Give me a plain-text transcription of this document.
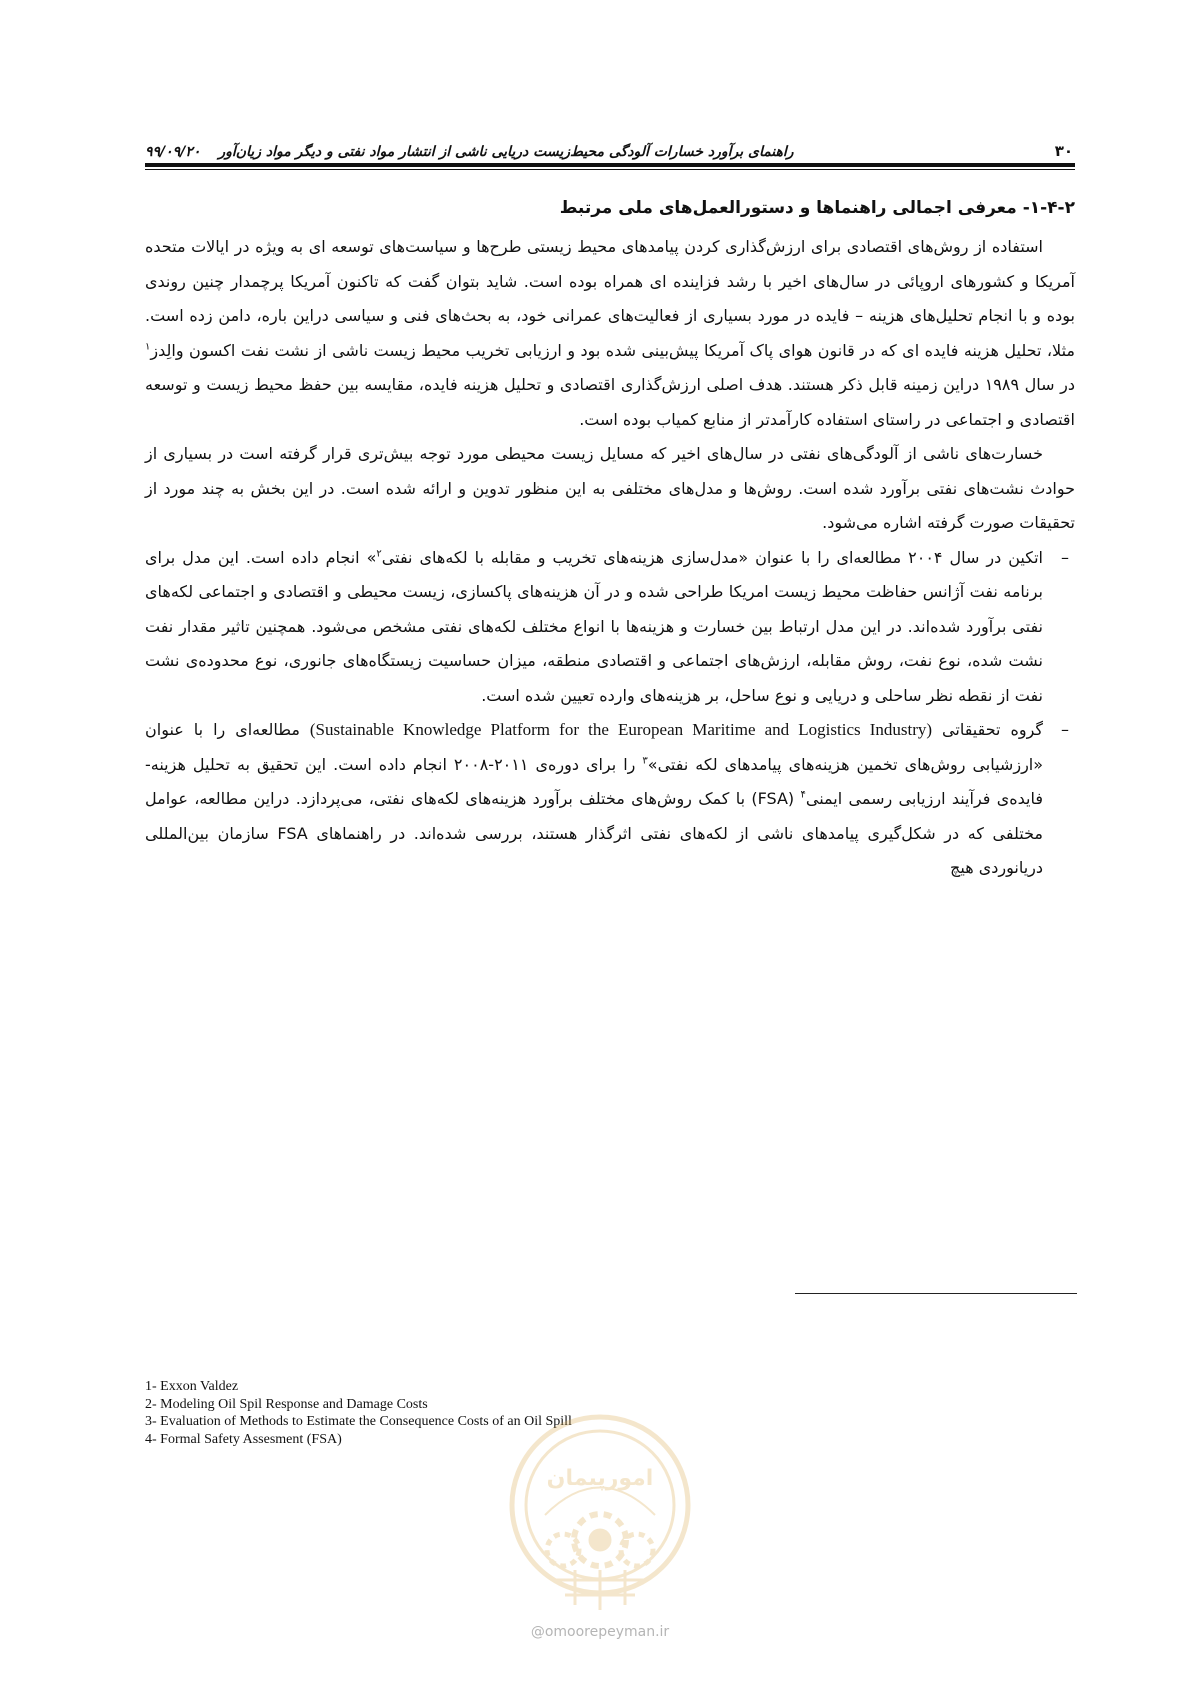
۳۰
راهنمای برآورد خسارات آلودگی محیط‌زیست دریایی ناشی از انتشار مواد نفتی و دیگر مواد زیان‌آور
۹۹/۰۹/۲۰
۱-۴-۲- معرفی اجمالی راهنماها و دستورالعمل‌های ملی مرتبط

استفاده از روش‌های اقتصادی برای ارزش‌گذاری کردن پیامدهای محیط زیستی طرح‌ها و سیاست‌های توسعه ای به ویژه در ایالات متحده آمریکا و کشورهای اروپائی در سال‌های اخیر با رشد فزاینده ای همراه بوده است. شاید بتوان گفت که تاکنون آمریکا پرچمدار چنین روندی بوده و با انجام تحلیل‌های هزینه – فایده در مورد بسیاری از فعالیت‌های عمرانی خود، به بحث‌های فنی و سیاسی دراین باره، دامن زده است. مثلا، تحلیل هزینه فایده ای که در قانون هوای پاک آمریکا پیش‌بینی شده بود و ارزیابی تخریب محیط زیست ناشی از نشت نفت اکسون والِدز$^۱$ در سال ۱۹۸۹ دراین زمینه قابل ذکر هستند. هدف اصلی ارزش‌گذاری اقتصادی و تحلیل هزینه فایده، مقایسه بین حفظ محیط زیست و توسعه اقتصادی و اجتماعی در راستای استفاده کارآمدتر از منابع کمیاب بوده است.

خسارت‌های ناشی از آلودگی‌های نفتی در سال‌های اخیر که مسایل زیست محیطی مورد توجه بیش‌تری قرار گرفته است در بسیاری از حوادث نشت‌های نفتی برآورد شده است. روش‌ها و مدل‌های مختلفی به این منظور تدوین و ارائه شده است. در این بخش به چند مورد از تحقیقات صورت گرفته اشاره می‌شود.

–
اتکین در سال ۲۰۰۴ مطالعه‌ای را با عنوان «مدل‌سازی هزینه‌های تخریب و مقابله با لکه‌های نفتی$^۲$» انجام داده است. این مدل برای برنامه نفت آژانس حفاظت محیط زیست امریکا طراحی شده و در آن هزینه‌های پاکسازی، زیست محیطی و اقتصادی و اجتماعی لکه‌های نفتی برآورد شده‌اند. در این مدل ارتباط بین خسارت و هزینه‌ها با انواع مختلف لکه‌های نفتی مشخص می‌شود. همچنین تاثیر مقدار نفت نشت شده، نوع نفت، روش مقابله، ارزش‌های اجتماعی و اقتصادی منطقه، میزان حساسیت زیستگاه‌های جانوری، نوع محدوده‌ی نشت نفت از نقطه نظر ساحلی و دریایی و نوع ساحل، بر هزینه‌های وارده تعیین شده است.
–
گروه تحقیقاتی (Sustainable Knowledge Platform for the European Maritime and Logistics Industry) مطالعه‌ای را با عنوان «ارزشیابی روش‌های تخمین هزینه‌های پیامدهای لکه نفتی»$^۳$ را برای دوره‌ی ۲۰۱۱-۲۰۰۸ انجام داده است. این تحقیق به تحلیل هزینه- فایده‌ی فرآیند ارزیابی رسمی ایمنی$^۴$ (FSA) با کمک روش‌های مختلف برآورد هزینه‌های لکه‌های نفتی، می‌پردازد. دراین مطالعه، عوامل مختلفی که در شکل‌گیری پیامدهای ناشی از لکه‌های نفتی اثرگذار هستند، بررسی شده‌اند. در راهنماهای FSA سازمان بین‌المللی دریانوردی هیچ
1- Exxon Valdez
2- Modeling Oil Spil Response and Damage Costs
3- Evaluation of Methods to Estimate the Consequence Costs of an Oil Spill
4- Formal Safety Assesment (FSA)
امورپیمان
@omoorepeyman.ir
